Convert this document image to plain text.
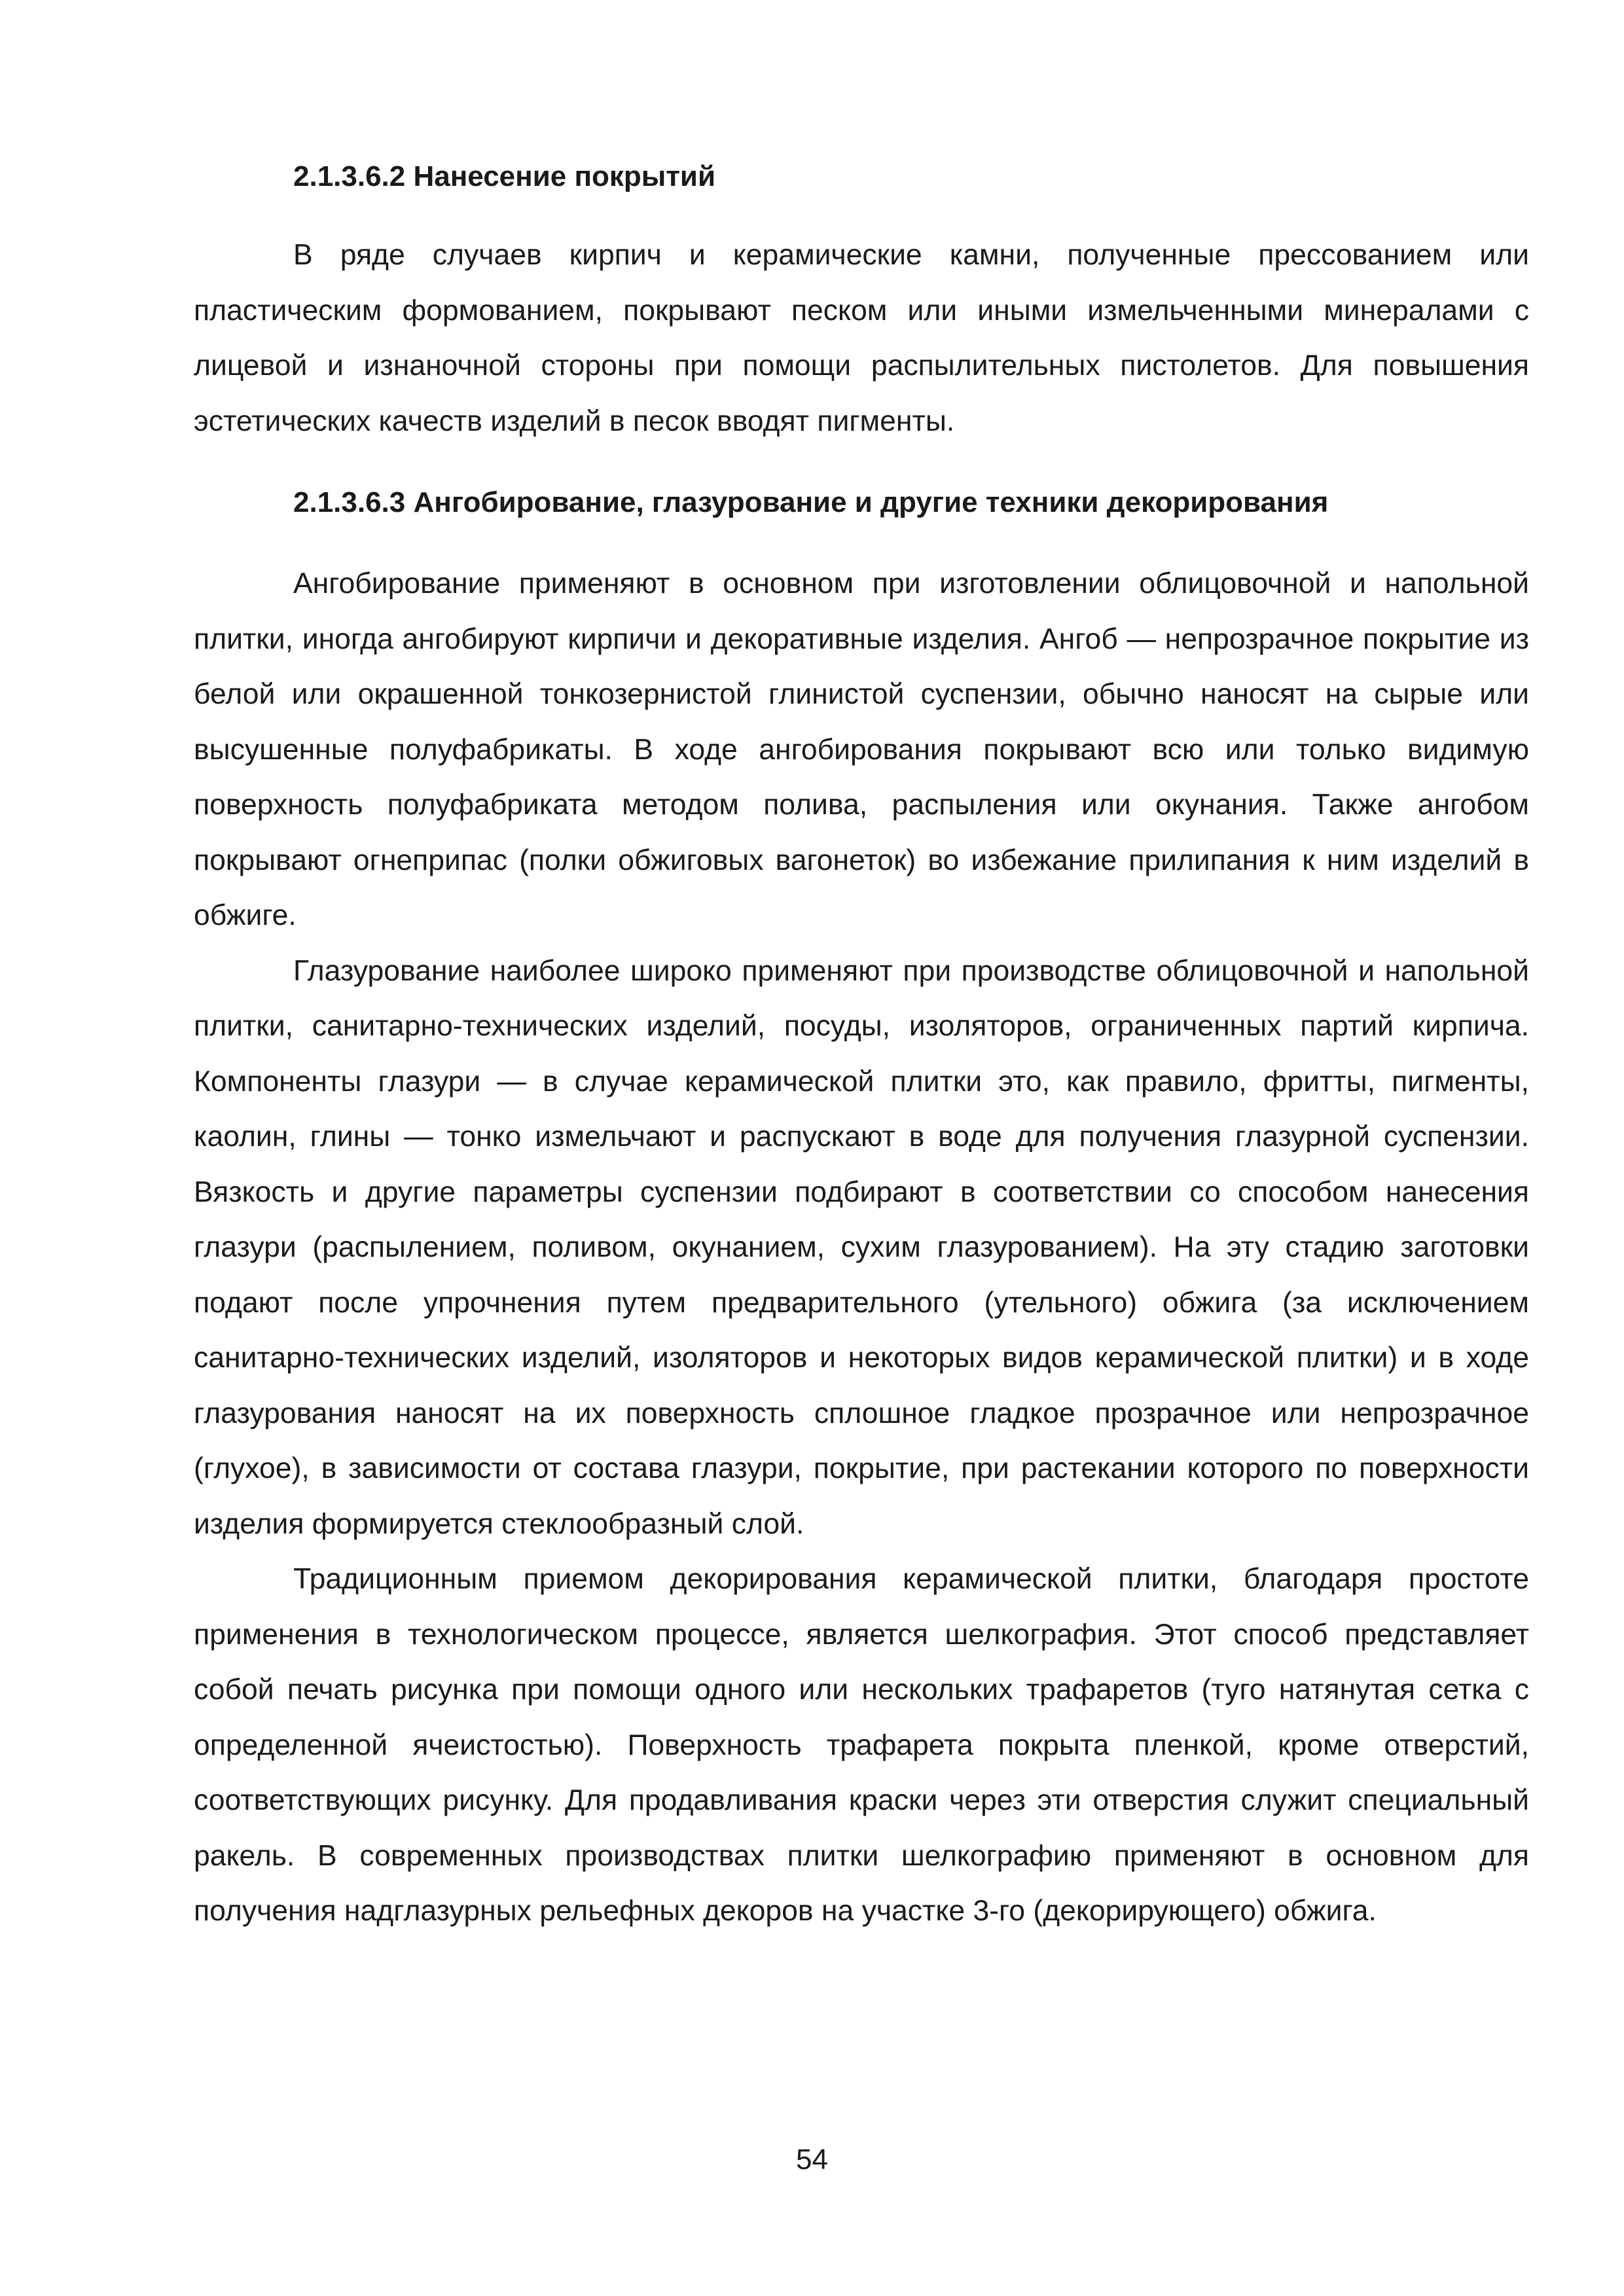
2.1.3.6.2 Нанесение покрытий

В ряде случаев кирпич и керамические камни, полученные прессованием или пластическим формованием, покрывают песком или иными измельченными минералами с лицевой и изнаночной стороны при помощи распылительных пистолетов. Для повышения эстетических качеств изделий в песок вводят пигменты.

2.1.3.6.3 Ангобирование, глазурование и другие техники декорирования

Ангобирование применяют в основном при изготовлении облицовочной и напольной плитки, иногда ангобируют кирпичи и декоративные изделия. Ангоб — непрозрачное покрытие из белой или окрашенной тонкозернистой глинистой суспензии, обычно наносят на сырые или высушенные полуфабрикаты. В ходе ангобирования покрывают всю или только видимую поверхность полуфабриката методом полива, распыления или окунания. Также ангобом покрывают огнеприпас (полки обжиговых вагонеток) во избежание прилипания к ним изделий в обжиге.

Глазурование наиболее широко применяют при производстве облицовочной и напольной плитки, санитарно-технических изделий, посуды, изоляторов, ограниченных партий кирпича. Компоненты глазури — в случае керамической плитки это, как правило, фритты, пигменты, каолин, глины — тонко измельчают и распускают в воде для получения глазурной суспензии. Вязкость и другие параметры суспензии подбирают в соответствии со способом нанесения глазури (распылением, поливом, окунанием, сухим глазурованием). На эту стадию заготовки подают после упрочнения путем предварительного (утельного) обжига (за исключением санитарно-технических изделий, изоляторов и некоторых видов керамической плитки) и в ходе глазурования наносят на их поверхность сплошное гладкое прозрачное или непрозрачное (глухое), в зависимости от состава глазури, покрытие, при растекании которого по поверхности изделия формируется стеклообразный слой.

Традиционным приемом декорирования керамической плитки, благодаря простоте применения в технологическом процессе, является шелкография. Этот способ представляет собой печать рисунка при помощи одного или нескольких трафаретов (туго натянутая сетка с определенной ячеистостью). Поверхность трафарета покрыта пленкой, кроме отверстий, соответствующих рисунку. Для продавливания краски через эти отверстия служит специальный ракель. В современных производствах плитки шелкографию применяют в основном для получения надглазурных рельефных декоров на участке 3-го (декорирующего) обжига.

54
